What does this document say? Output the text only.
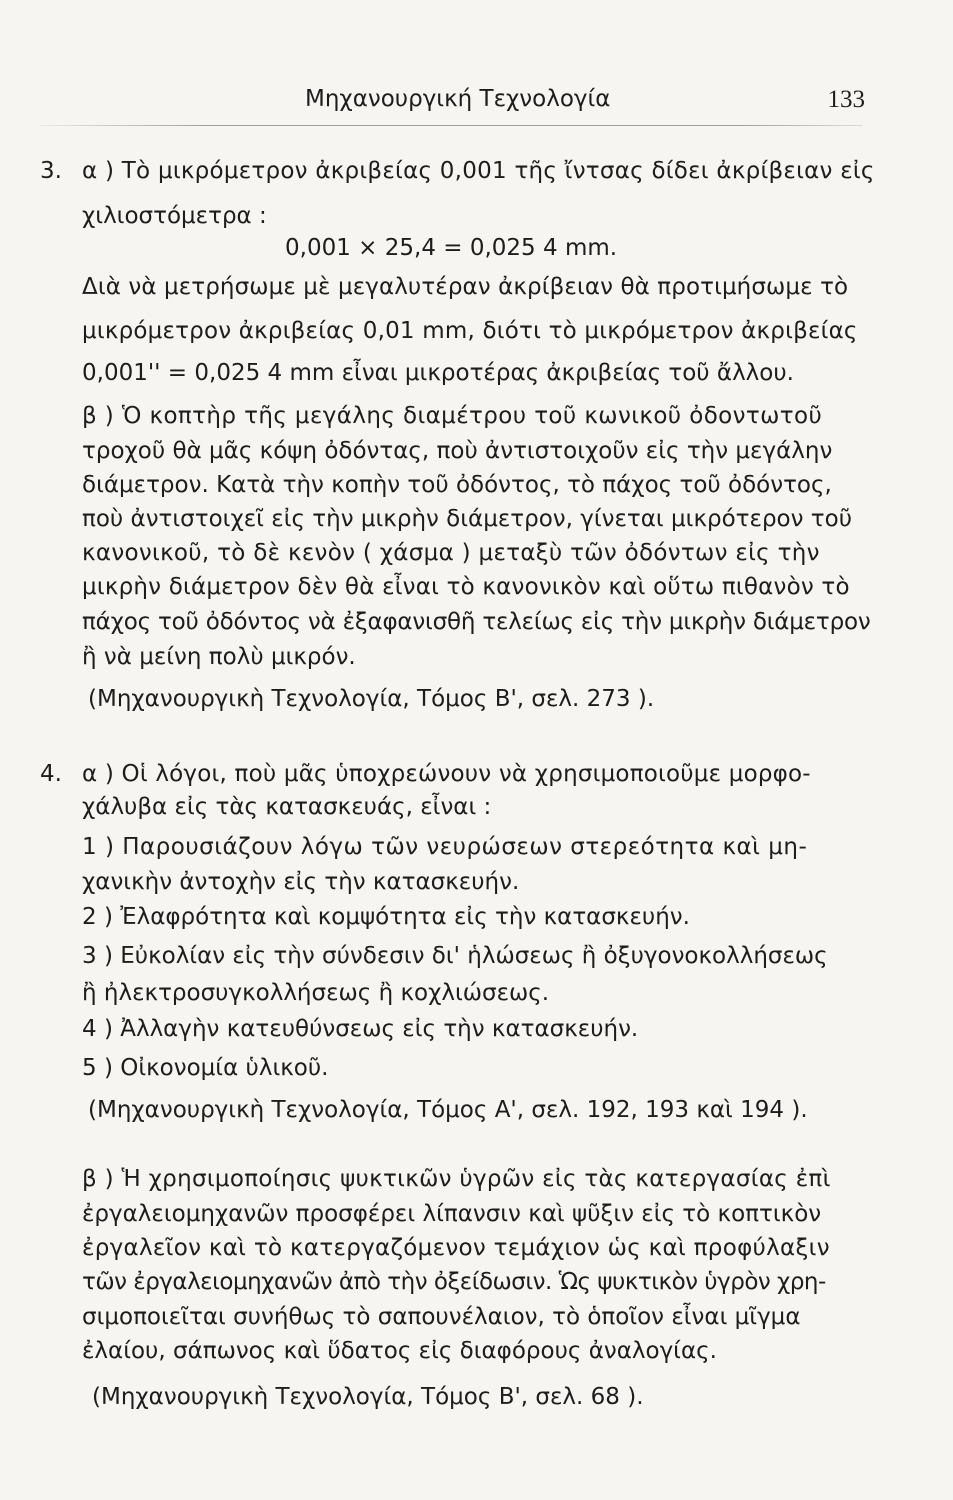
Μηχανουργική Τεχνολογία	133
3. α ) Τὸ μικρόμετρον ἀκριβείας 0,001 τῆς ἴντσας δίδει ἀκρίβειαν εἰς
χιλιοστόμετρα :
0,001 × 25,4 = 0,025 4 mm.
Διὰ νὰ μετρήσωμε μὲ μεγαλυτέραν ἀκρίβειαν θὰ προτιμήσωμε τὸ
μικρόμετρον ἀκριβείας 0,01 mm, διότι τὸ μικρόμετρον ἀκριβείας
0,001'' = 0,025 4 mm εἶναι μικροτέρας ἀκριβείας τοῦ ἄλλου.
β ) Ὁ κοπτὴρ τῆς μεγάλης διαμέτρου τοῦ κωνικοῦ ὀδοντωτοῦ
τροχοῦ θὰ μᾶς κόψη ὀδόντας, ποὺ ἀντιστοιχοῦν εἰς τὴν μεγάλην
διάμετρον. Κατὰ τὴν κοπὴν τοῦ ὀδόντος, τὸ πάχος τοῦ ὀδόντος,
ποὺ ἀντιστοιχεῖ εἰς τὴν μικρὴν διάμετρον, γίνεται μικρότερον τοῦ
κανονικοῦ, τὸ δὲ κενὸν ( χάσμα ) μεταξὺ τῶν ὀδόντων εἰς τὴν
μικρὴν διάμετρον δὲν θὰ εἶναι τὸ κανονικὸν καὶ οὕτω πιθανὸν τὸ
πάχος τοῦ ὀδόντος νὰ ἐξαφανισθῆ τελείως εἰς τὴν μικρὴν διάμετρον
ἢ νὰ μείνη πολὺ μικρόν.
(Μηχανουργικὴ Τεχνολογία, Τόμος Β', σελ. 273 ).
4. α ) Οἱ λόγοι, ποὺ μᾶς ὑποχρεώνουν νὰ χρησιμοποιοῦμε μορφο-
χάλυβα εἰς τὰς κατασκευάς, εἶναι :
1 ) Παρουσιάζουν λόγω τῶν νευρώσεων στερεότητα καὶ μη-
χανικὴν ἀντοχὴν εἰς τὴν κατασκευήν.
2 ) Ἐλαφρότητα καὶ κομψότητα εἰς τὴν κατασκευήν.
3 ) Εὐκολίαν εἰς τὴν σύνδεσιν δι' ἡλώσεως ἢ ὀξυγονοκολλήσεως
ἢ ἠλεκτροσυγκολλήσεως ἢ κοχλιώσεως.
4 ) Ἀλλαγὴν κατευθύνσεως εἰς τὴν κατασκευήν.
5 ) Οἰκονομία ὑλικοῦ.
(Μηχανουργικὴ Τεχνολογία, Τόμος Α', σελ. 192, 193 καὶ 194 ).
β ) Ἡ χρησιμοποίησις ψυκτικῶν ὑγρῶν εἰς τὰς κατεργασίας ἐπὶ
ἐργαλειομηχανῶν προσφέρει λίπανσιν καὶ ψῦξιν εἰς τὸ κοπτικὸν
ἐργαλεῖον καὶ τὸ κατεργαζόμενον τεμάχιον ὡς καὶ προφύλαξιν
τῶν ἐργαλειομηχανῶν ἀπὸ τὴν ὀξείδωσιν. Ὡς ψυκτικὸν ὑγρὸν χρη-
σιμοποιεῖται συνήθως τὸ σαπουνέλαιον, τὸ ὁποῖον εἶναι μῖγμα
ἐλαίου, σάπωνος καὶ ὕδατος εἰς διαφόρους ἀναλογίας.
(Μηχανουργικὴ Τεχνολογία, Τόμος Β', σελ. 68 ).
